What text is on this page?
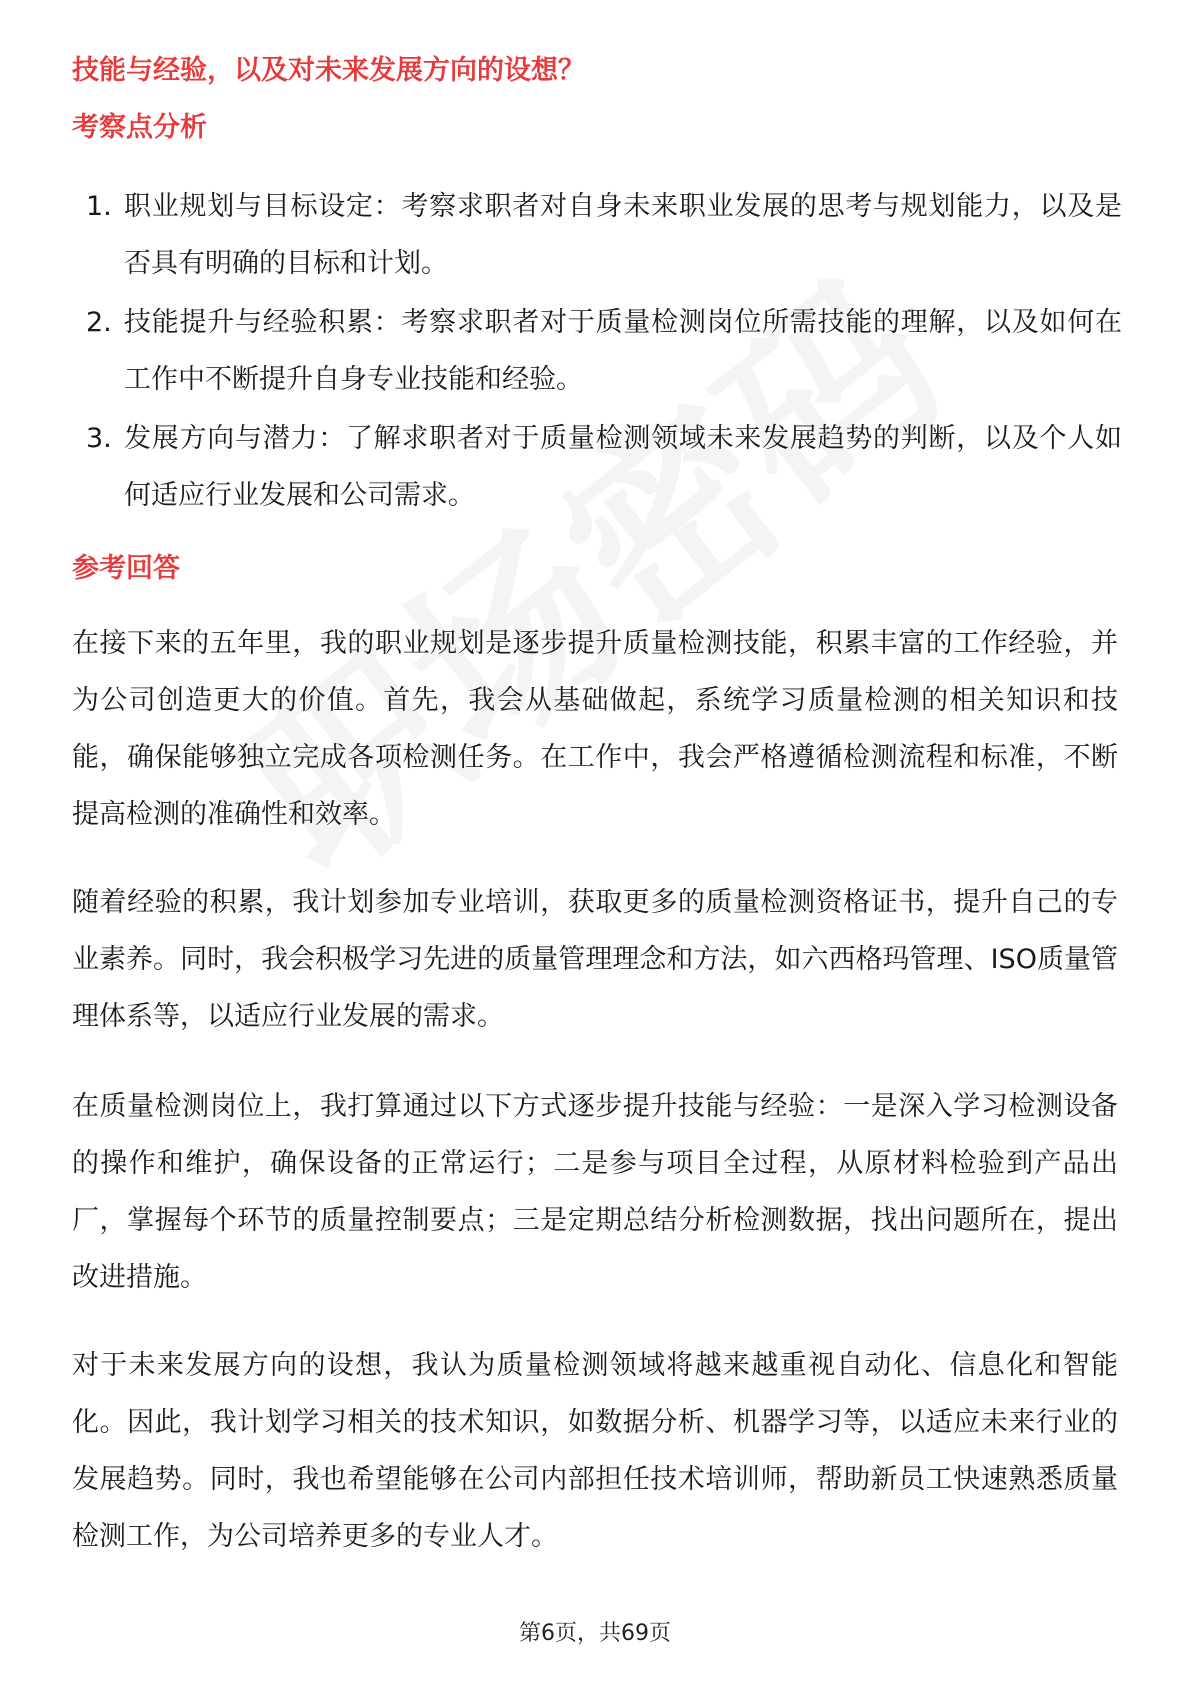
技能与经验，以及对未来发展方向的设想？
考察点分析
1. 职业规划与目标设定：考察求职者对自身未来职业发展的思考与规划能力，以及是否具有明确的目标和计划。
2. 技能提升与经验积累：考察求职者对于质量检测岗位所需技能的理解，以及如何在工作中不断提升自身专业技能和经验。
3. 发展方向与潜力：了解求职者对于质量检测领域未来发展趋势的判断，以及个人如何适应行业发展和公司需求。
参考回答

在接下来的五年里，我的职业规划是逐步提升质量检测技能，积累丰富的工作经验，并为公司创造更大的价值。首先，我会从基础做起，系统学习质量检测的相关知识和技能，确保能够独立完成各项检测任务。在工作中，我会严格遵循检测流程和标准，不断提高检测的准确性和效率。

随着经验的积累，我计划参加专业培训，获取更多的质量检测资格证书，提升自己的专业素养。同时，我会积极学习先进的质量管理理念和方法，如六西格玛管理、ISO质量管理体系等，以适应行业发展的需求。

在质量检测岗位上，我打算通过以下方式逐步提升技能与经验：一是深入学习检测设备的操作和维护，确保设备的正常运行；二是参与项目全过程，从原材料检验到产品出厂，掌握每个环节的质量控制要点；三是定期总结分析检测数据，找出问题所在，提出改进措施。

对于未来发展方向的设想，我认为质量检测领域将越来越重视自动化、信息化和智能化。因此，我计划学习相关的技术知识，如数据分析、机器学习等，以适应未来行业的发展趋势。同时，我也希望能够在公司内部担任技术培训师，帮助新员工快速熟悉质量检测工作，为公司培养更多的专业人才。

第6页，共69页
